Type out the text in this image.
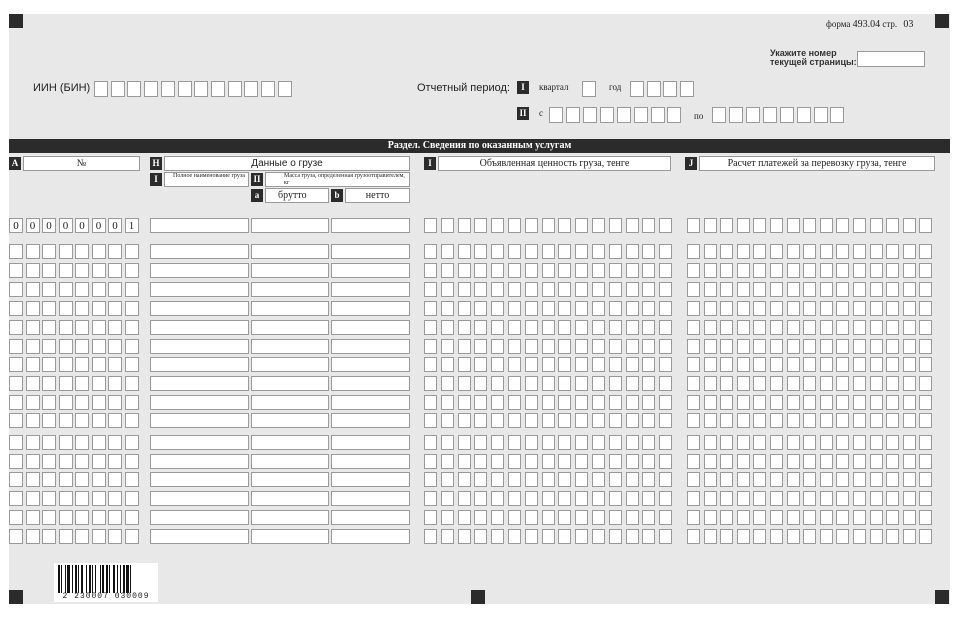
форма 493.04 стр. 03
Укажите номер
текущей страницы:
ИИН (БИН)	Отчетный период:	I	квартал	год
II с	по
Раздел. Сведения по оказанным услугам
A	№	H	Данные о грузе
I	Полное наименование груза II	Масса груза, определенная грузоотправителем, кг
a	брутто	b	нетто
I	Объявленная ценность груза, тенге	J	Расчет платежей за перевозку груза, тенге
0	0	0	0	0	0	0	1
2 230007 030009
